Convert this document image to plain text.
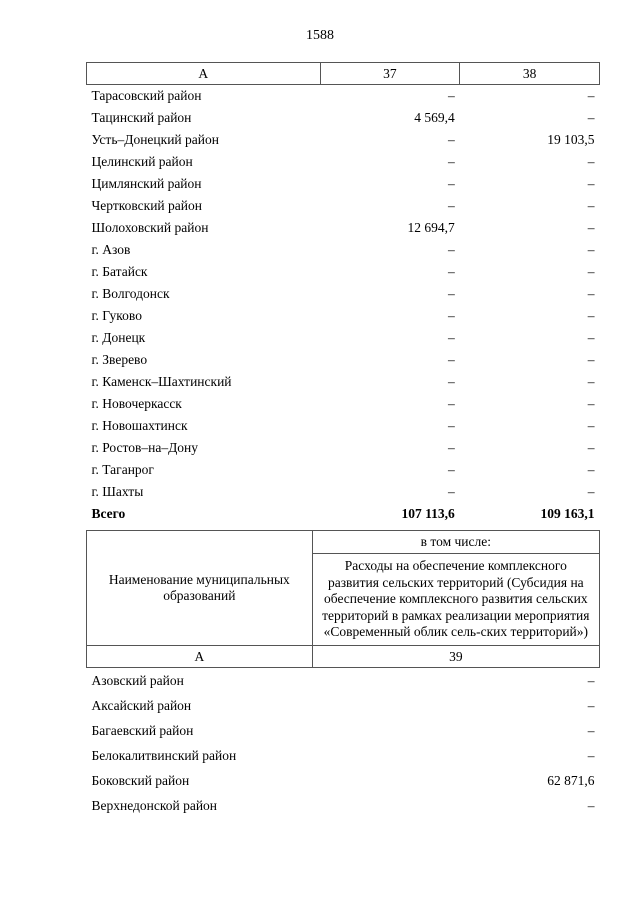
1588
А	37	38
Тарасовский район	–	–
Тацинский район	4 569,4	–
Усть–Донецкий район	–	19 103,5
Целинский район	–	–
Цимлянский район	–	–
Чертковский район	–	–
Шолоховский район	12 694,7	–
г. Азов	–	–
г. Батайск	–	–
г. Волгодонск	–	–
г. Гуково	–	–
г. Донецк	–	–
г. Зверево	–	–
г. Каменск–Шахтинский	–	–
г. Новочеркасск	–	–
г. Новошахтинск	–	–
г. Ростов–на–Дону	–	–
г. Таганрог	–	–
г. Шахты	–	–
Всего	107 113,6	109 163,1
Наименование муниципальных образований	в том числе:
	Расходы на обеспечение комплексного развития сельских территорий (Субсидия на обеспечение комплексного развития сельских территорий в рамках реализации мероприятия «Современный облик сель-ских территорий»)
А	39
Азовский район	–
Аксайский район	–
Багаевский район	–
Белокалитвинский район	–
Боковский район	62 871,6
Верхнедонской район	–
